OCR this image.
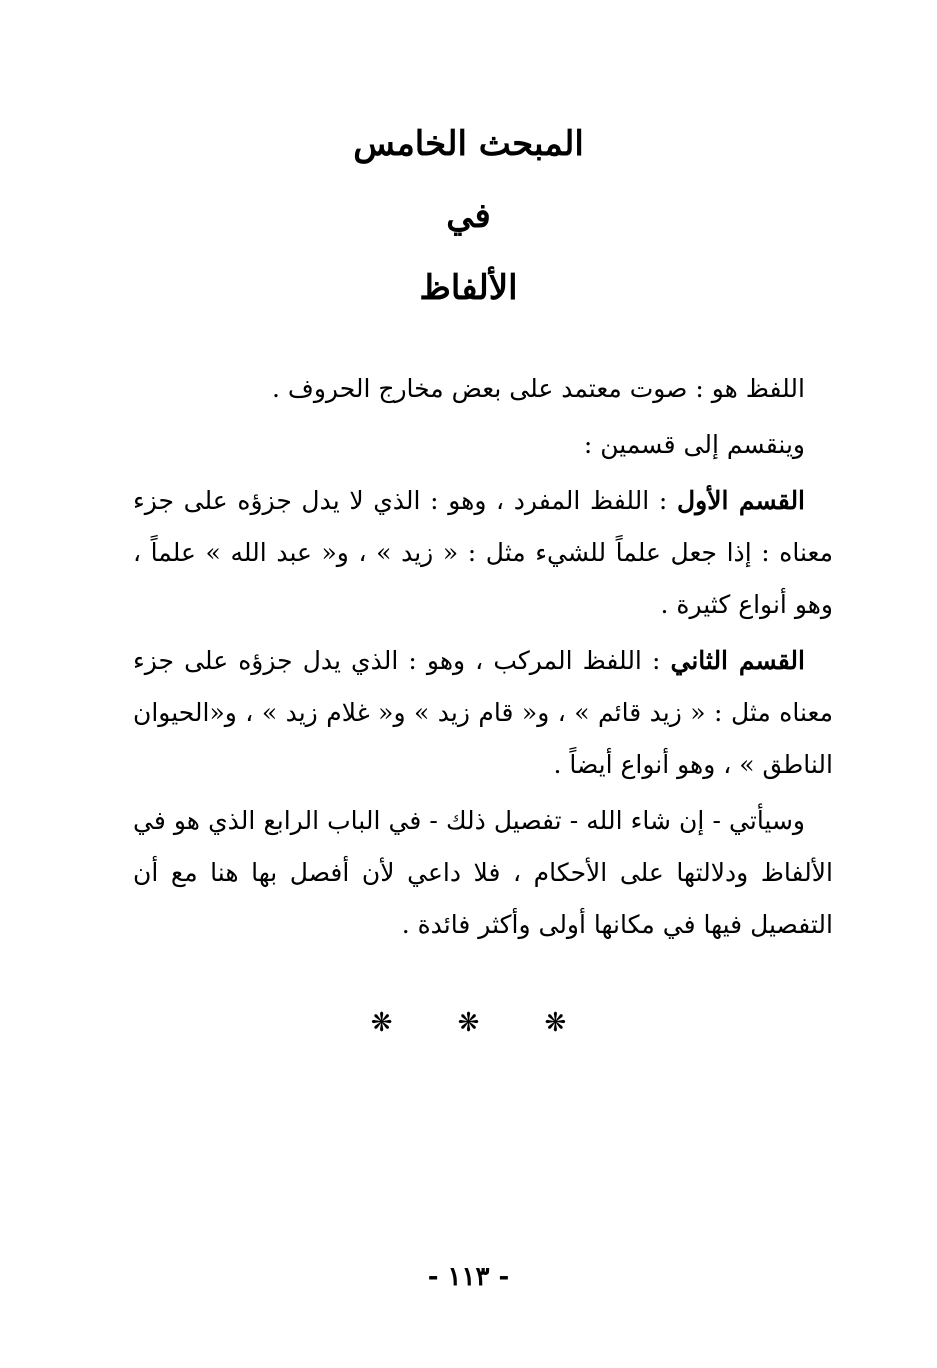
المبحث الخامس
في
الألفاظ

اللفظ هو : صوت معتمد على بعض مخارج الحروف .

وينقسم إلى قسمين :

القسم الأول : اللفظ المفرد ، وهو : الذي لا يدل جزؤه على جزء معناه : إذا جعل علماً للشيء مثل : « زيد » ، و« عبد الله » علماً ، وهو أنواع كثيرة .

القسم الثاني : اللفظ المركب ، وهو : الذي يدل جزؤه على جزء معناه مثل : « زيد قائم » ، و« قام زيد » و« غلام زيد » ، و«الحيوان الناطق » ، وهو أنواع أيضاً .

وسيأتي - إن شاء الله - تفصيل ذلك - في الباب الرابع الذي هو في الألفاظ ودلالتها على الأحكام ، فلا داعي لأن أفصل بها هنا مع أن التفصيل فيها في مكانها أولى وأكثر فائدة .

❋ ❋ ❋
- ١١٣ -
